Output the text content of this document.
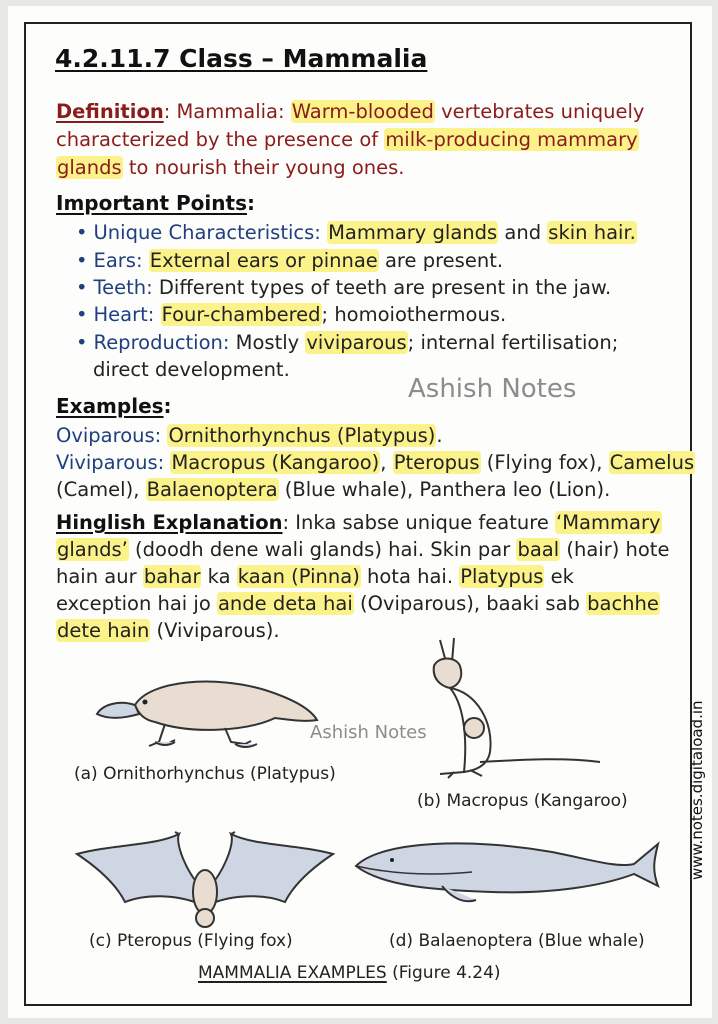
4.2.11.7 Class – Mammalia
Definition: Mammalia: Warm-blooded vertebrates uniquely
characterized by the presence of milk-producing mammary
glands to nourish their young ones.
Important Points:
• Unique Characteristics: Mammary glands and skin hair.
• Ears: External ears or pinnae are present.
• Teeth: Different types of teeth are present in the jaw.
• Heart: Four-chambered; homoiothermous.
• Reproduction: Mostly viviparous; internal fertilisation;
direct development.
Ashish Notes
Examples:
Oviparous: Ornithorhynchus (Platypus).
Viviparous: Macropus (Kangaroo), Pteropus (Flying fox), Camelus
(Camel), Balaenoptera (Blue whale), Panthera leo (Lion).
Hinglish Explanation: Inka sabse unique feature ‘Mammary
glands’ (doodh dene wali glands) hai. Skin par baal (hair) hote
hain aur bahar ka kaan (Pinna) hota hai. Platypus ek
exception hai jo ande deta hai (Oviparous), baaki sab bachhe
dete hain (Viviparous).
Ashish Notes
(a) Ornithorhynchus (Platypus)
(b) Macropus (Kangaroo)
(c) Pteropus (Flying fox)	(d) Balaenoptera (Blue whale)
MAMMALIA EXAMPLES (Figure 4.24)
www.notes.digitaload.in
